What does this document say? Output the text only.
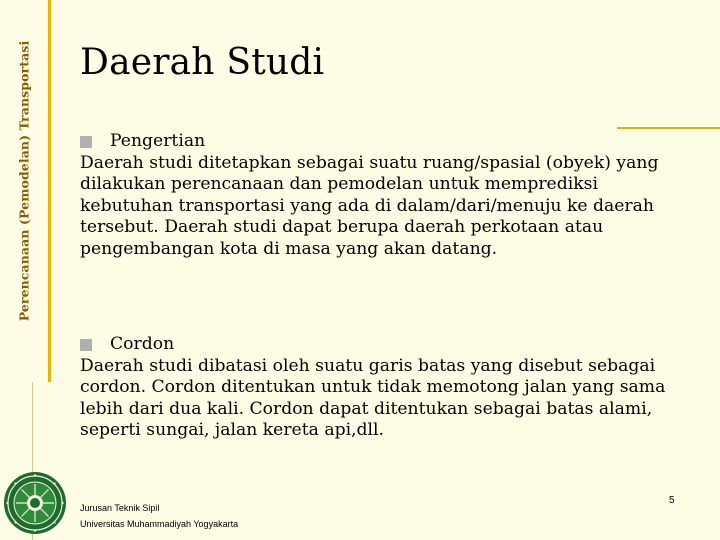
Perencanaan (Pemodelan) Transportasi Daerah Studi
Pengertian

Daerah studi ditetapkan sebagai suatu ruang/spasial (obyek) yang dilakukan perencanaan dan pemodelan untuk memprediksi kebutuhan transportasi yang ada di dalam/dari/menuju ke daerah tersebut. Daerah studi dapat berupa daerah perkotaan atau pengembangan kota di masa yang akan datang.

Cordon

Daerah studi dibatasi oleh suatu garis batas yang disebut sebagai cordon. Cordon ditentukan untuk tidak memotong jalan yang sama lebih dari dua kali. Cordon dapat ditentukan sebagai batas alami, seperti sungai, jalan kereta api,dll.

Jurusan Teknik Sipil
Universitas Muhammadiyah Yogyakarta
5
